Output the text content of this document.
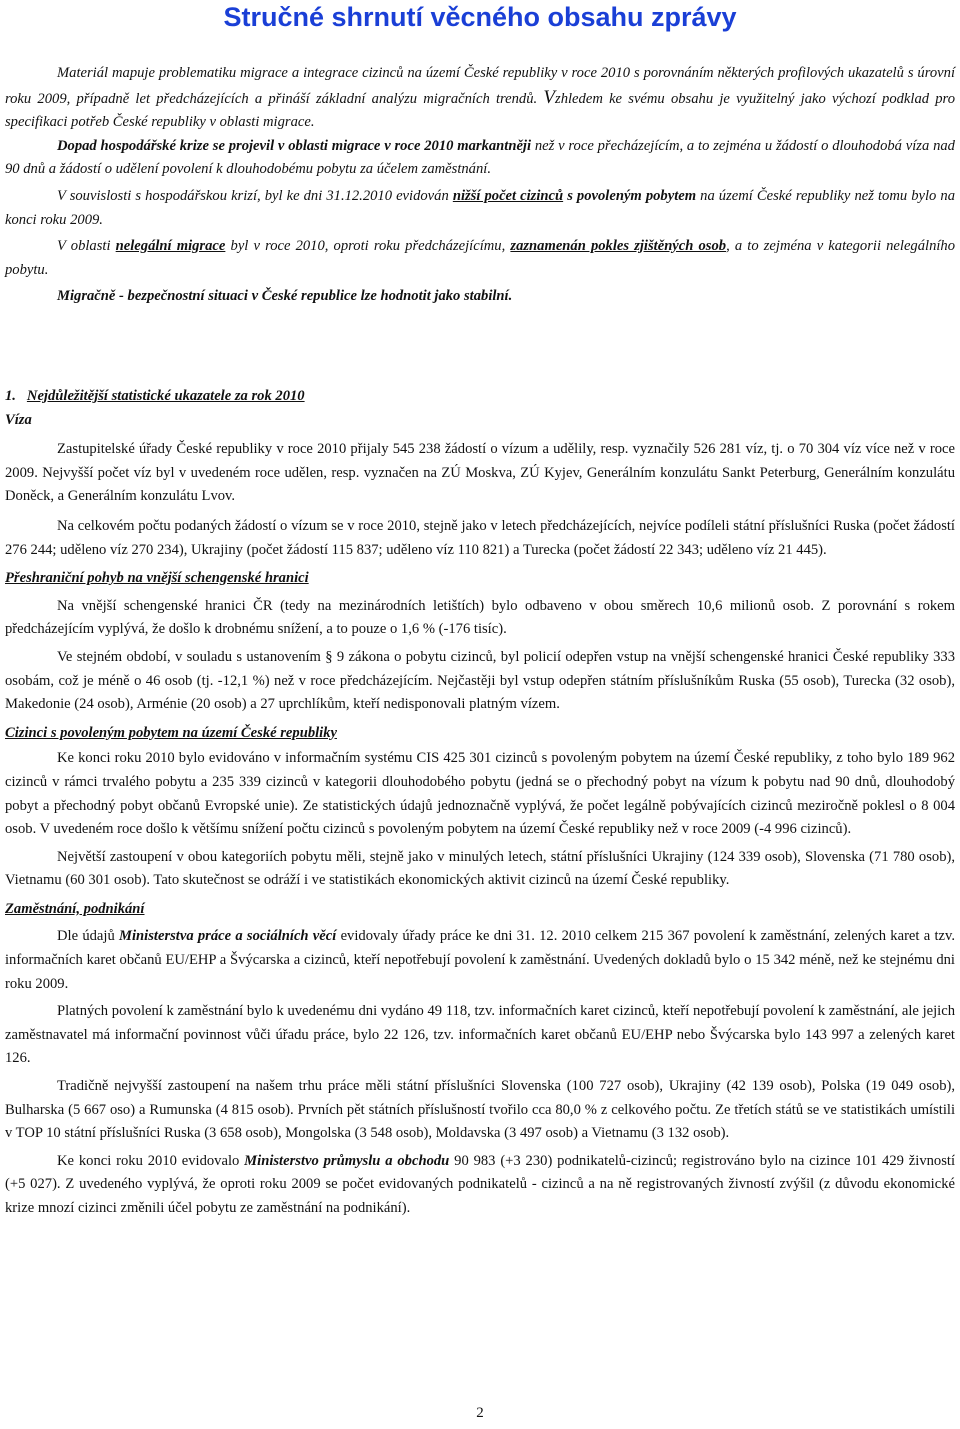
Stručné shrnutí věcného obsahu zprávy

Materiál mapuje problematiku migrace a integrace cizinců na území České republiky v roce 2010 s porovnáním některých profilových ukazatelů s úrovní roku 2009, případně let předcházejících a přináší základní analýzu migračních trendů. Vzhledem ke svému obsahu je využitelný jako výchozí podklad pro specifikaci potřeb České republiky v oblasti migrace.

Dopad hospodářské krize se projevil v oblasti migrace v roce 2010 markantněji než v roce přecházejícím, a to zejména u žádostí o dlouhodobá víza nad 90 dnů a žádostí o udělení povolení k dlouhodobému pobytu za účelem zaměstnání.

V souvislosti s hospodářskou krizí, byl ke dni 31.12.2010 evidován nižší počet cizinců s povoleným pobytem na území České republiky než tomu bylo na konci roku 2009.

V oblasti nelegální migrace byl v roce 2010, oproti roku předcházejícímu, zaznamenán pokles zjištěných osob, a to zejména v kategorii nelegálního pobytu.

Migračně - bezpečnostní situaci v České republice lze hodnotit jako stabilní.

1. Nejdůležitější statistické ukazatele za rok 2010

Víza

Zastupitelské úřady České republiky v roce 2010 přijaly 545 238 žádostí o vízum a udělily, resp. vyznačily 526 281 víz, tj. o 70 304 víz více než v roce 2009. Nejvyšší počet víz byl v uvedeném roce udělen, resp. vyznačen na ZÚ Moskva, ZÚ Kyjev, Generálním konzulátu Sankt Peterburg, Generálním konzulátu Doněck, a Generálním konzulátu Lvov.

Na celkovém počtu podaných žádostí o vízum se v roce 2010, stejně jako v letech předcházejících, nejvíce podíleli státní příslušníci Ruska (počet žádostí 276 244; uděleno víz 270 234), Ukrajiny (počet žádostí 115 837; uděleno víz 110 821) a Turecka (počet žádostí 22 343; uděleno víz 21 445).

Přeshraniční pohyb na vnější schengenské hranici

Na vnější schengenské hranici ČR (tedy na mezinárodních letištích) bylo odbaveno v obou směrech 10,6 milionů osob. Z porovnání s rokem předcházejícím vyplývá, že došlo k drobnému snížení, a to pouze o 1,6 % (-176 tisíc).

Ve stejném období, v souladu s ustanovením § 9 zákona o pobytu cizinců, byl policií odepřen vstup na vnější schengenské hranici České republiky 333 osobám, což je méně o 46 osob (tj. -12,1 %) než v roce předcházejícím. Nejčastěji byl vstup odepřen státním příslušníkům Ruska (55 osob), Turecka (32 osob), Makedonie (24 osob), Arménie (20 osob) a 27 uprchlíkům, kteří nedisponovali platným vízem.

Cizinci s povoleným pobytem na území České republiky

Ke konci roku 2010 bylo evidováno v informačním systému CIS 425 301 cizinců s povoleným pobytem na území České republiky, z toho bylo 189 962 cizinců v rámci trvalého pobytu a 235 339 cizinců v kategorii dlouhodobého pobytu (jedná se o přechodný pobyt na vízum k pobytu nad 90 dnů, dlouhodobý pobyt a přechodný pobyt občanů Evropské unie). Ze statistických údajů jednoznačně vyplývá, že počet legálně pobývajících cizinců meziročně poklesl o 8 004 osob. V uvedeném roce došlo k většímu snížení počtu cizinců s povoleným pobytem na území České republiky než v roce 2009 (-4 996 cizinců).

Největší zastoupení v obou kategoriích pobytu měli, stejně jako v minulých letech, státní příslušníci Ukrajiny (124 339 osob), Slovenska (71 780 osob), Vietnamu (60 301 osob). Tato skutečnost se odráží i ve statistikách ekonomických aktivit cizinců na území České republiky.

Zaměstnání, podnikání

Dle údajů Ministerstva práce a sociálních věcí evidovaly úřady práce ke dni 31. 12. 2010 celkem 215 367 povolení k zaměstnání, zelených karet a tzv. informačních karet občanů EU/EHP a Švýcarska a cizinců, kteří nepotřebují povolení k zaměstnání. Uvedených dokladů bylo o 15 342 méně, než ke stejnému dni roku 2009.

Platných povolení k zaměstnání bylo k uvedenému dni vydáno 49 118, tzv. informačních karet cizinců, kteří nepotřebují povolení k zaměstnání, ale jejich zaměstnavatel má informační povinnost vůči úřadu práce, bylo 22 126, tzv. informačních karet občanů EU/EHP nebo Švýcarska bylo 143 997 a zelených karet 126.

Tradičně nejvyšší zastoupení na našem trhu práce měli státní příslušníci Slovenska (100 727 osob), Ukrajiny (42 139 osob), Polska (19 049 osob), Bulharska (5 667 oso) a Rumunska (4 815 osob). Prvních pět státních příslušností tvořilo cca 80,0 % z celkového počtu. Ze třetích států se ve statistikách umístili v TOP 10 státní příslušníci Ruska (3 658 osob), Mongolska (3 548 osob), Moldavska (3 497 osob) a Vietnamu (3 132 osob).

Ke konci roku 2010 evidovalo Ministerstvo průmyslu a obchodu 90 983 (+3 230) podnikatelů-cizinců; registrováno bylo na cizince 101 429 živností (+5 027). Z uvedeného vyplývá, že oproti roku 2009 se počet evidovaných podnikatelů - cizinců a na ně registrovaných živností zvýšil (z důvodu ekonomické krize mnozí cizinci změnili účel pobytu ze zaměstnání na podnikání).

2
